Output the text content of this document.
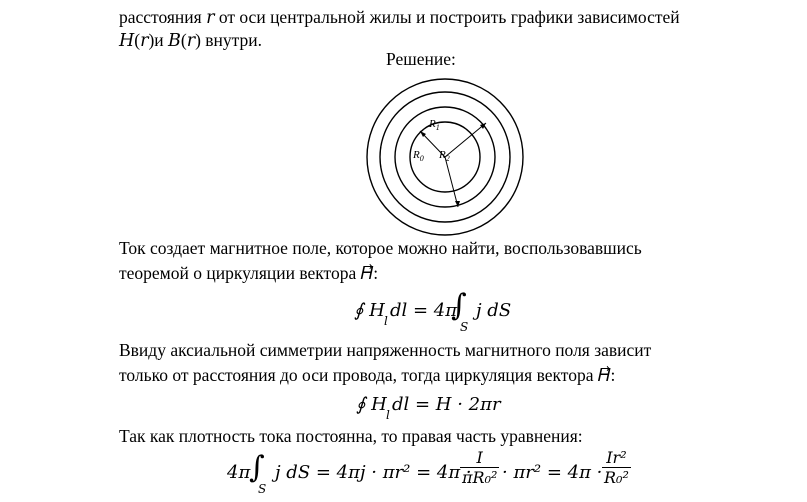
расстояния 𝑟 от оси центральной жилы и построить графики зависимостей
𝐻(𝑟)и 𝐵(𝑟) внутри.
Решение:
$R_1$
$R_0$ $R_2$
Ток создает магнитное поле, которое можно найти, воспользовавшись
теоремой о циркуляции вектора 𝐻⃗:
∮ H l dl = 4π
∫
S
j dS
Ввиду аксиальной симметрии напряженность магнитного поля зависит
только от расстояния до оси провода, тогда циркуляция вектора 𝐻⃗:
∮ H l dl = H · 2πr
Так как плотность тока постоянна, то правая часть уравнения:
4π
∫
S
j dS = 4πj · πr² = 4π ·
$\frac{I}{\text{πR₀²}} \cdot \pi r^2 = 4\pi \cdot \frac{\text{Ir²}}{\text{R₀²}}$
